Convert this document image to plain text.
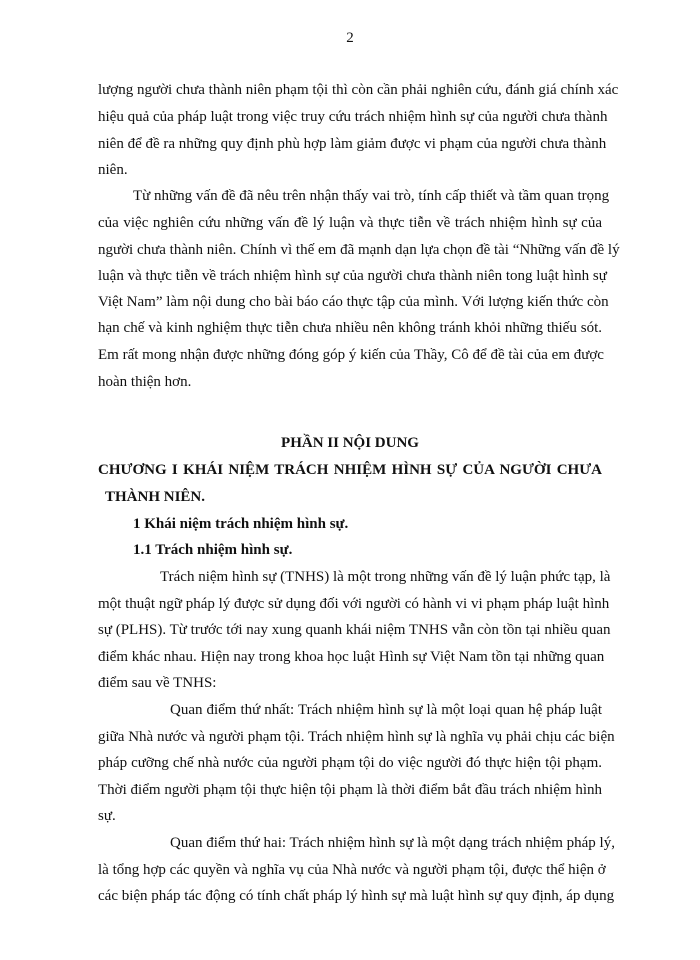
2
lượng người chưa thành niên phạm tội thì còn cần phải nghiên cứu, đánh giá chính xác
hiệu quả của pháp luật trong việc truy cứu trách nhiệm hình sự của người chưa thành
niên để đề ra những quy định phù hợp làm giảm được vi phạm của người chưa thành
niên.
Từ những vấn đề đã nêu trên nhận thấy vai trò, tính cấp thiết và tầm quan trọng
của việc nghiên cứu những vấn đề lý luận và thực tiễn về trách nhiệm hình sự của
người chưa thành niên. Chính vì thế em đã mạnh dạn lựa chọn đề tài “Những vấn đề lý
luận và thực tiễn về trách nhiệm hình sự của người chưa thành niên tong luật hình sự
Việt Nam” làm nội dung cho bài báo cáo thực tập của mình. Với lượng kiến thức còn
hạn chế và kinh nghiệm thực tiễn chưa nhiều nên không tránh khỏi những thiếu sót.
Em rất mong nhận được những đóng góp ý kiến của Thầy, Cô để đề tài của em được
hoàn thiện hơn.
PHẦN II NỘI DUNG
CHƯƠNG I KHÁI NIỆM TRÁCH NHIỆM HÌNH SỰ CỦA NGƯỜI CHƯA
THÀNH NIÊN.
1 Khái niệm trách nhiệm hình sự.
1.1 Trách nhiệm hình sự.
Trách niệm hình sự (TNHS) là một trong những vấn đề lý luận phức tạp, là
một thuật ngữ pháp lý được sử dụng đối với người có hành vi vi phạm pháp luật hình
sự (PLHS). Từ trước tới nay xung quanh khái niệm TNHS vẫn còn tồn tại nhiều quan
điểm khác nhau. Hiện nay trong khoa học luật Hình sự Việt Nam tồn tại những quan
điểm sau về TNHS:
Quan điểm thứ nhất: Trách nhiệm hình sự là một loại quan hệ pháp luật
giữa Nhà nước và người phạm tội. Trách nhiệm hình sự là nghĩa vụ phải chịu các biện
pháp cưỡng chế nhà nước của người phạm tội do việc người đó thực hiện tội phạm.
Thời điểm người phạm tội thực hiện tội phạm là thời điểm bắt đầu trách nhiệm hình
sự.
Quan điểm thứ hai: Trách nhiệm hình sự là một dạng trách nhiệm pháp lý,
là tổng hợp các quyền và nghĩa vụ của Nhà nước và người phạm tội, được thể hiện ở
các biện pháp tác động có tính chất pháp lý hình sự mà luật hình sự quy định, áp dụng
